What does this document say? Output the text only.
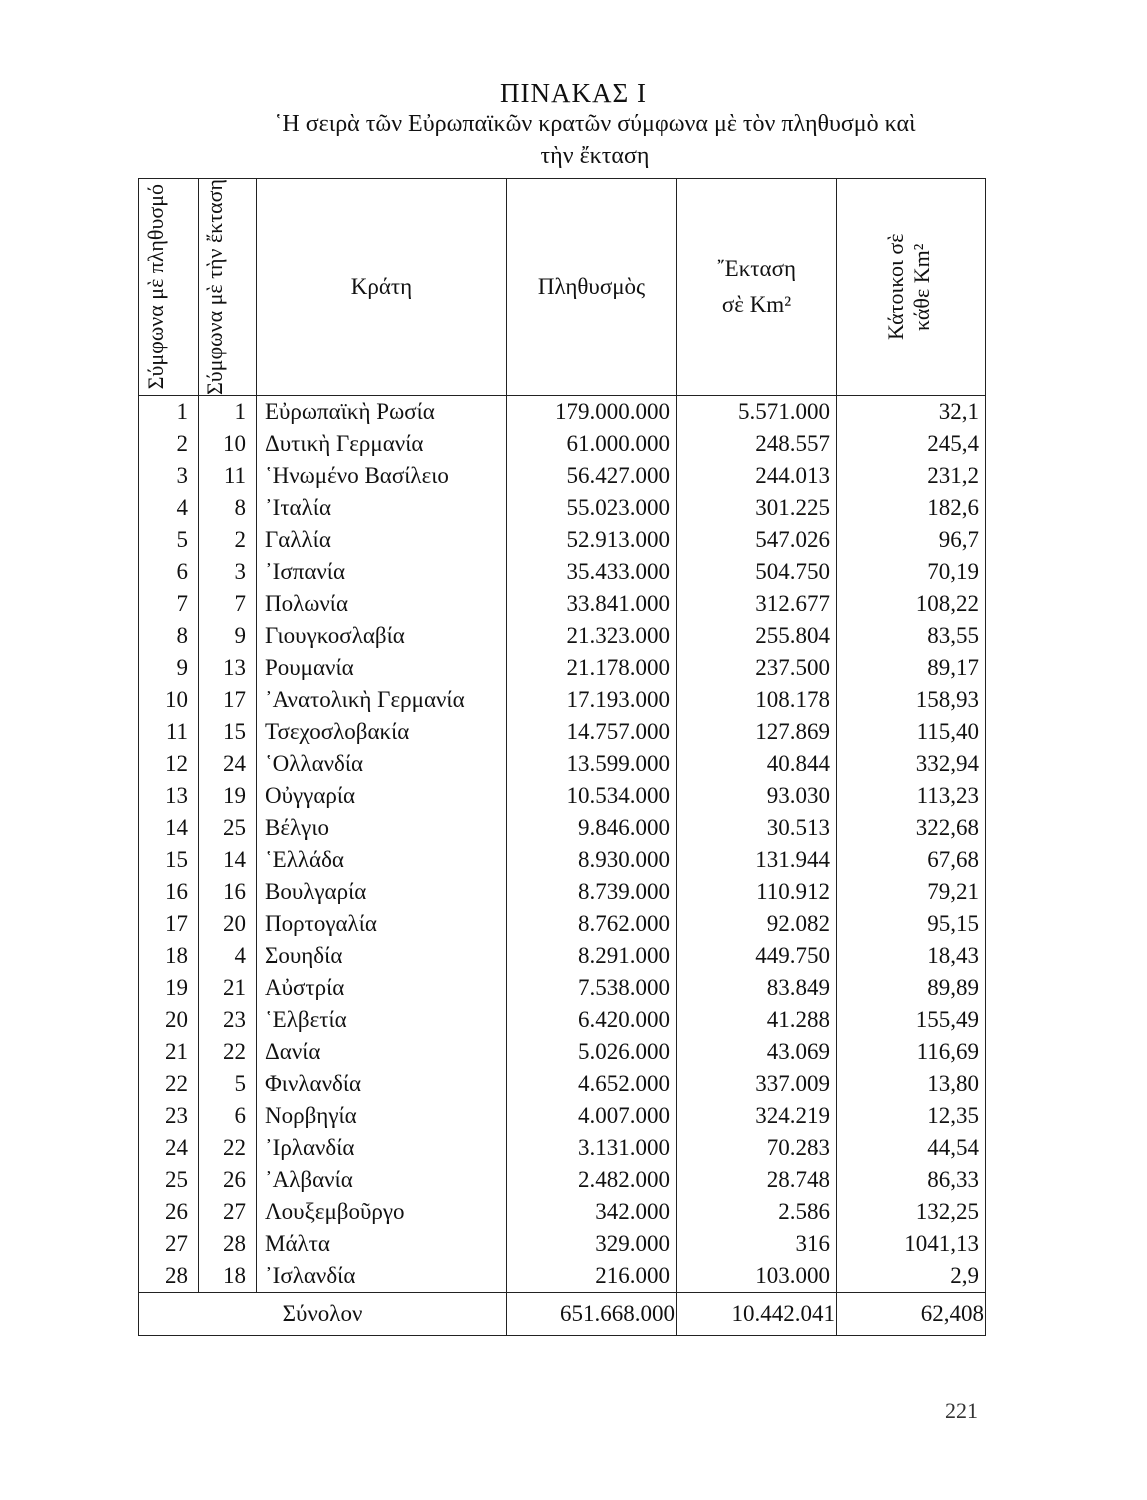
ΠΙΝΑΚΑΣ Ι
῾Η σειρὰ τῶν Εὐρωπαϊκῶν κρατῶν σύμφωνα μὲ τὸν πληθυσμὸ καὶ
τὴν ἔκταση
Σύμφωνα μὲ πληθυσμό	Σύμφωνα μὲ τὴν ἔκταση	Κράτη	Πληθυσμὸς	῎Εκταση
σὲ Km²	Κάτοικοι σὲ κάθε Km²

1	1	Εὐρωπαϊκὴ Ρωσία	179.000.000	5.571.000	32,1
2	10	Δυτικὴ Γερμανία	61.000.000	248.557	245,4
3	11	῾Ηνωμένο Βασίλειο	56.427.000	244.013	231,2
4	8	᾿Ιταλία	55.023.000	301.225	182,6
5	2	Γαλλία	52.913.000	547.026	96,7
6	3	᾿Ισπανία	35.433.000	504.750	70,19
7	7	Πολωνία	33.841.000	312.677	108,22
8	9	Γιουγκοσλαβία	21.323.000	255.804	83,55
9	13	Ρουμανία	21.178.000	237.500	89,17
10	17	᾿Ανατολικὴ Γερμανία	17.193.000	108.178	158,93
11	15	Τσεχοσλοβακία	14.757.000	127.869	115,40
12	24	῾Ολλανδία	13.599.000	40.844	332,94
13	19	Οὐγγαρία	10.534.000	93.030	113,23
14	25	Βέλγιο	9.846.000	30.513	322,68
15	14	῾Ελλάδα	8.930.000	131.944	67,68
16	16	Βουλγαρία	8.739.000	110.912	79,21
17	20	Πορτογαλία	8.762.000	92.082	95,15
18	4	Σουηδία	8.291.000	449.750	18,43
19	21	Αὐστρία	7.538.000	83.849	89,89
20	23	῾Ελβετία	6.420.000	41.288	155,49
21	22	Δανία	5.026.000	43.069	116,69
22	5	Φινλανδία	4.652.000	337.009	13,80
23	6	Νορβηγία	4.007.000	324.219	12,35
24	22	᾿Ιρλανδία	3.131.000	70.283	44,54
25	26	᾿Αλβανία	2.482.000	28.748	86,33
26	27	Λουξεμβοῦργο	342.000	2.586	132,25
27	28	Μάλτα	329.000	316	1041,13
28	18	᾿Ισλανδία	216.000	103.000	2,9
Σύνολον			651.668.000	10.442.041	62,408
221
